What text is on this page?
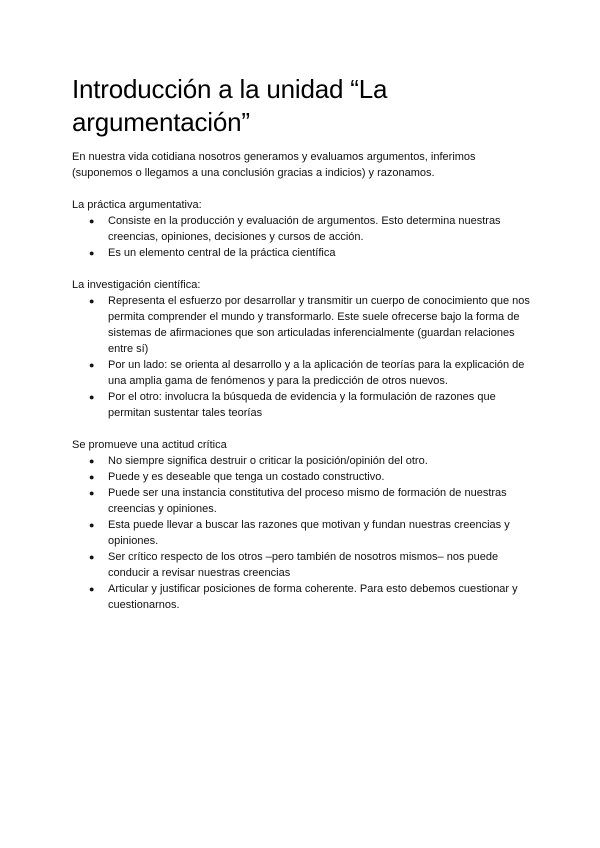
Introducción a la unidad “La argumentación”

En nuestra vida cotidiana nosotros generamos y evaluamos argumentos, inferimos (suponemos o llegamos a una conclusión gracias a indicios) y razonamos.

La práctica argumentativa:

● Consiste en la producción y evaluación de argumentos. Esto determina nuestras creencias, opiniones, decisiones y cursos de acción.
● Es un elemento central de la práctica científica

La investigación científica:

● Representa el esfuerzo por desarrollar y transmitir un cuerpo de conocimiento que nos permita comprender el mundo y transformarlo. Este suele ofrecerse bajo la forma de sistemas de afirmaciones que son articuladas inferencialmente (guardan relaciones entre sí)
● Por un lado: se orienta al desarrollo y a la aplicación de teorías para la explicación de una amplia gama de fenómenos y para la predicción de otros nuevos.
● Por el otro: involucra la búsqueda de evidencia y la formulación de razones que permitan sustentar tales teorías

Se promueve una actitud crítica

● No siempre significa destruir o criticar la posición/opinión del otro.
● Puede y es deseable que tenga un costado constructivo.
● Puede ser una instancia constitutiva del proceso mismo de formación de nuestras creencias y opiniones.
● Esta puede llevar a buscar las razones que motivan y fundan nuestras creencias y opiniones.
● Ser crítico respecto de los otros –pero también de nosotros mismos– nos puede conducir a revisar nuestras creencias
● Articular y justificar posiciones de forma coherente. Para esto debemos cuestionar y cuestionarnos.
